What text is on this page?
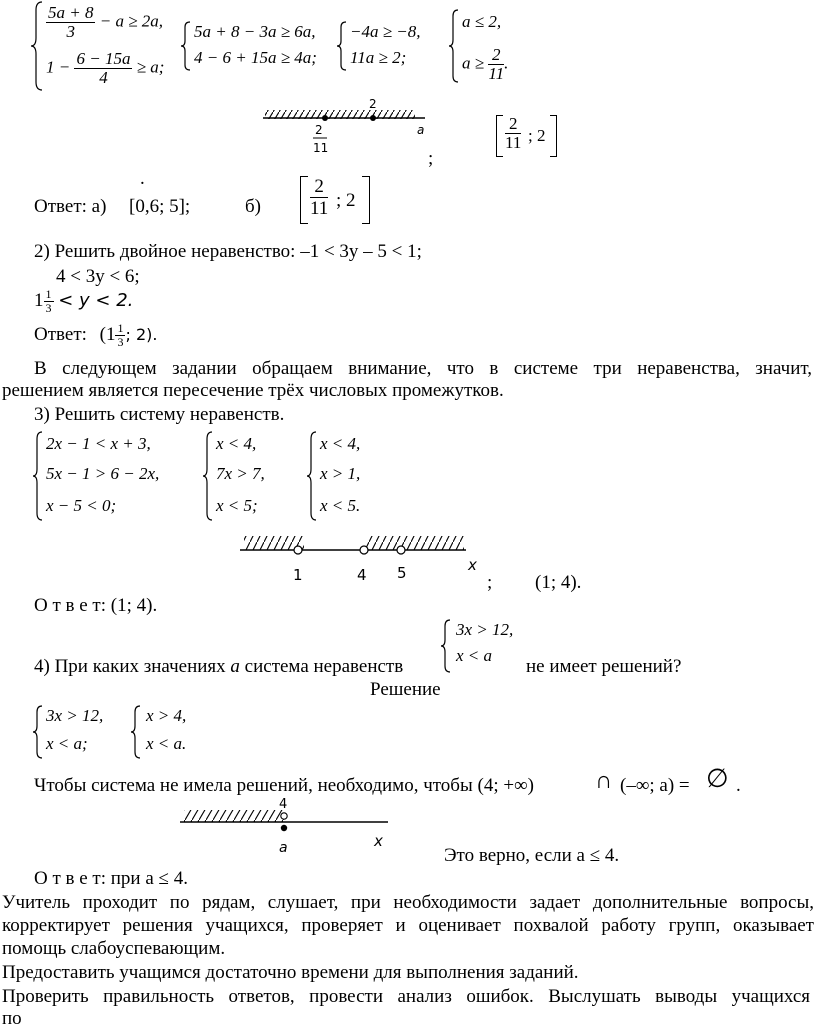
$\frac{5a + 8}{3} - a \ge 2a$,
$1 - \frac{6 - 15a}{4} \ge a$;
5a + 8 − 3a ≥ 6a,
4 − 6 + 15a ≥ 4a;
−4a ≥ −8,
11a ≥ 2;
a ≤ 2,
$a \ge \frac{2}{11}$ .
2
a
2
11	;
$\frac{2}{11}$ ; 2
.
Ответ: а) [0,6; 5];	б)	$\frac{2}{11}$ ; 2
2) Решить двойное неравенство: –1 < 3y – 5 < 1;
4 < 3y < 6;
$1 \frac{1}{3} < y < 2$.
Ответ: ($1 \frac{1}{3}$ ; 2).
В следующем задании обращаем внимание, что в системе три неравенства, значит,
решением является пересечение трёх числовых промежутков.
3) Решить систему неравенств.
2x − 1 < x + 3,
5x − 1 > 6 − 2x,
x − 5 < 0;
x < 4,
7x > 7,
x < 5;
x < 4,
x > 1,
x < 5.
1	4 5	x
; (1; 4).
О т в е т: (1; 4).
3x > 12,
x < a
4) При каких значениях a система неравенств	не имеет решений?
Решение
3x > 12,
x < a;
x > 4,
x < a.
Чтобы система не имела решений, необходимо, чтобы (4; +∞)	∩ (–∞; a) = ∅ .
4
a	x
Это верно, если a ≤ 4.
О т в е т: при a ≤ 4.
Учитель проходит по рядам, слушает, при необходимости задает дополнительные вопросы,
корректирует решения учащихся, проверяет и оценивает похвалой работу групп, оказывает
помощь слабоуспевающим.
Предоставить учащимся достаточно времени для выполнения заданий.
Проверить правильность ответов, провести анализ ошибок. Выслушать выводы учащихся
по
